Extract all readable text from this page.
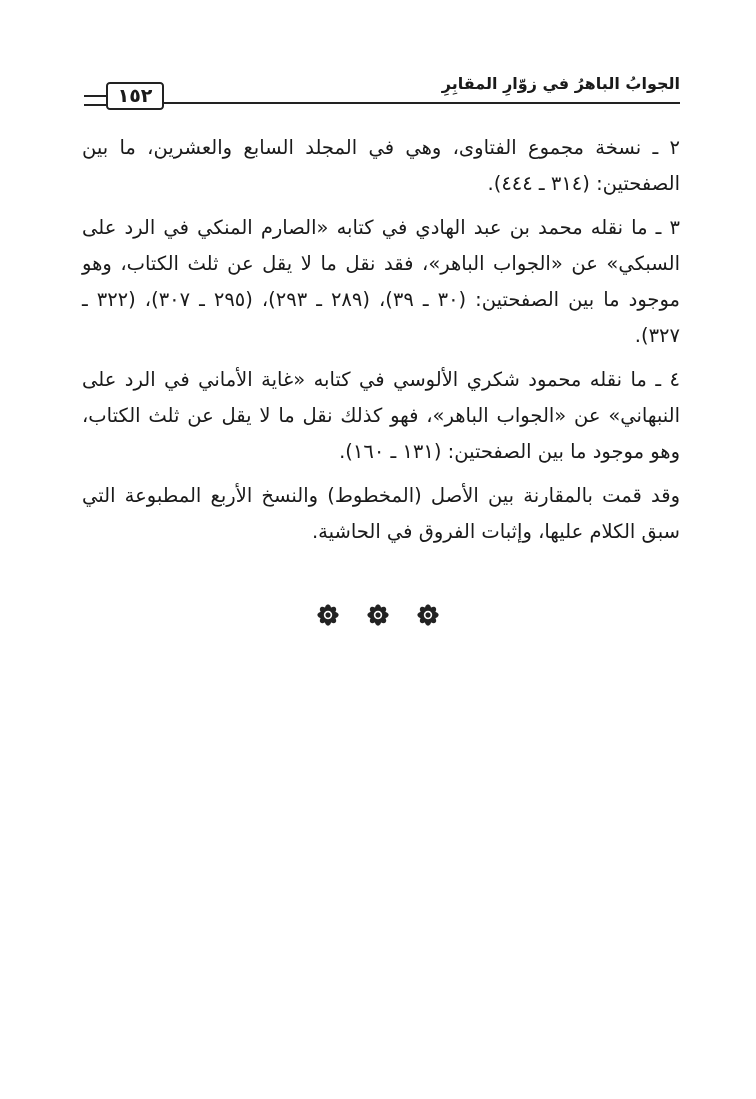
الجوابُ الباهرُ في زوّارِ المقابِرِ
١٥٢

٢ ـ نسخة مجموع الفتاوى، وهي في المجلد السابع والعشرين، ما بين الصفحتين: (٣١٤ ـ ٤٤٤).

٣ ـ ما نقله محمد بن عبد الهادي في كتابه «الصارم المنكي في الرد على السبكي» عن «الجواب الباهر»، فقد نقل ما لا يقل عن ثلث الكتاب، وهو موجود ما بين الصفحتين: (٣٠ ـ ٣٩)، (٢٨٩ ـ ٢٩٣)، (٢٩٥ ـ ٣٠٧)، (٣٢٢ ـ ٣٢٧).

٤ ـ ما نقله محمود شكري الألوسي في كتابه «غاية الأماني في الرد على النبهاني» عن «الجواب الباهر»، فهو كذلك نقل ما لا يقل عن ثلث الكتاب، وهو موجود ما بين الصفحتين: (١٣١ ـ ١٦٠).

وقد قمت بالمقارنة بين الأصل (المخطوط) والنسخ الأربع المطبوعة التي سبق الكلام عليها، وإثبات الفروق في الحاشية.
